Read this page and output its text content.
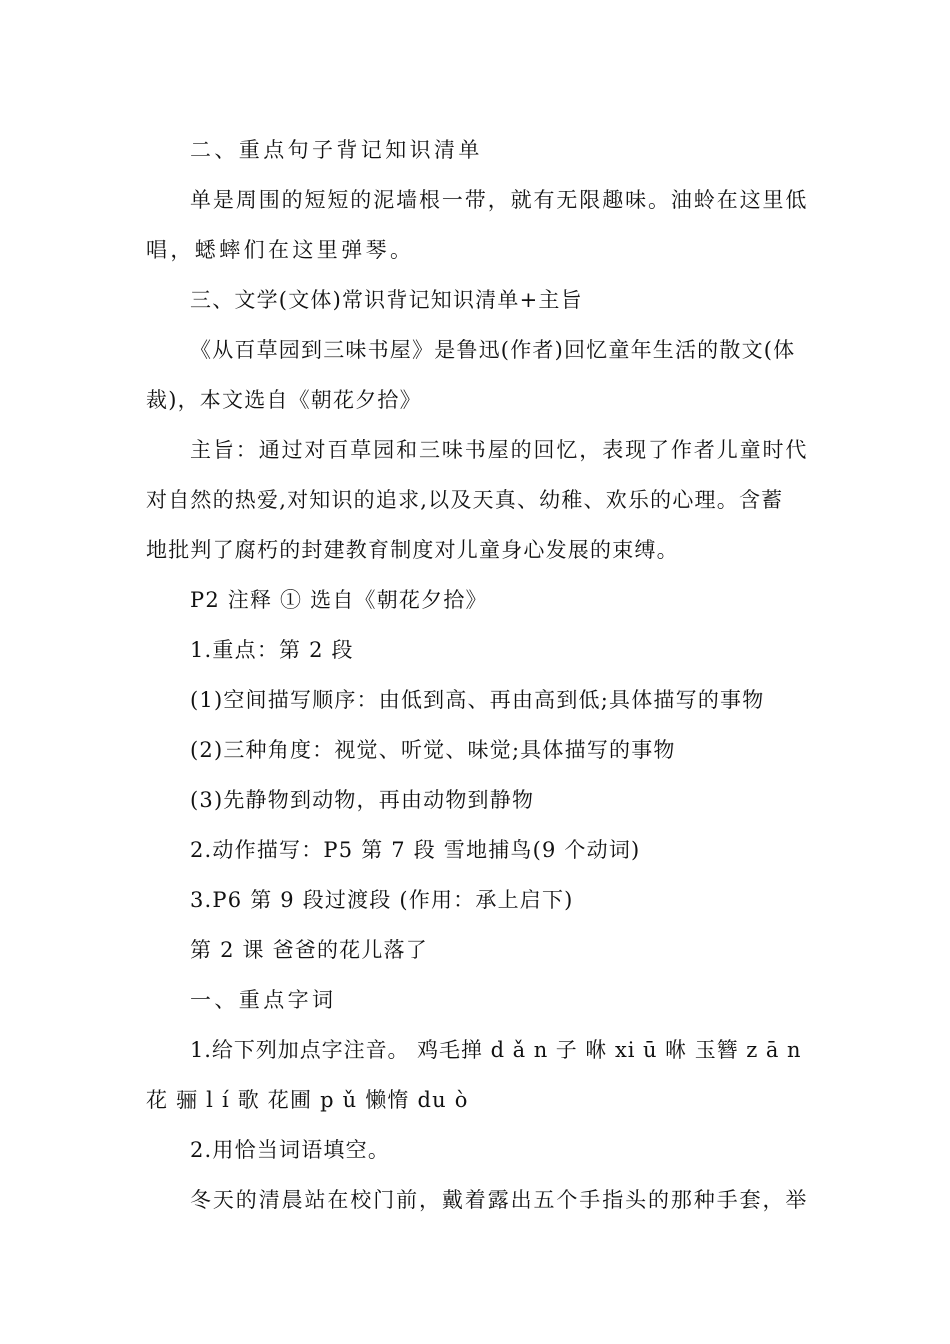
二、重点句子背记知识清单
单是周围的短短的泥墙根一带，就有无限趣味。油蛉在这里低
唱，蟋蟀们在这里弹琴。
三、文学(文体)常识背记知识清单+主旨
《从百草园到三味书屋》是鲁迅(作者)回忆童年生活的散文(体
裁)，本文选自《朝花夕拾》
主旨：通过对百草园和三味书屋的回忆，表现了作者儿童时代
对自然的热爱,对知识的追求,以及天真、幼稚、欢乐的心理。含蓄
地批判了腐朽的封建教育制度对儿童身心发展的束缚。
P2 注释 ① 选自《朝花夕拾》
1.重点：第 2 段
(1)空间描写顺序：由低到高、再由高到低;具体描写的事物
(2)三种角度：视觉、听觉、味觉;具体描写的事物
(3)先静物到动物，再由动物到静物
2.动作描写：P5 第 7 段 雪地捕鸟(9 个动词)
3.P6 第 9 段过渡段 (作用：承上启下)
第 2 课 爸爸的花儿落了
一、重点字词
1.给下列加点字注音。 鸡毛掸 d ǎ n 子 咻 xi ū 咻 玉簪 z ā n
花 骊 l í 歌 花圃 p ǔ 懒惰 du ò
2.用恰当词语填空。
冬天的清晨站在校门前，戴着露出五个手指头的那种手套，举
